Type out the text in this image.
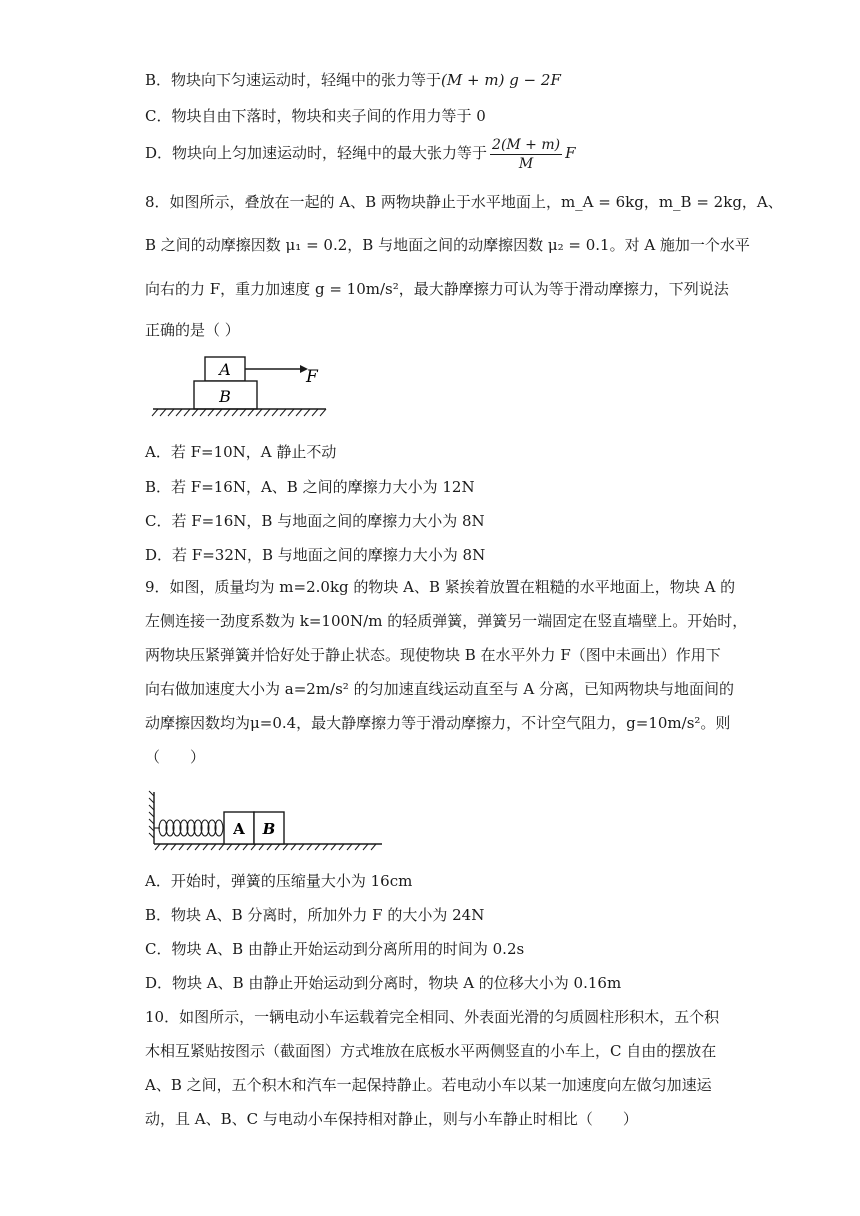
B．物块向下匀速运动时，轻绳中的张力等于(M + m) g − 2F
C．物块自由下落时，物块和夹子间的作用力等于 0
D．物块向上匀加速运动时，轻绳中的最大张力等于 $\frac{2(M + m)}{M}$ F
8．如图所示，叠放在一起的 A、B 两物块静止于水平地面上，m_A = 6kg，m_B = 2kg，A、
B 之间的动摩擦因数 μ₁ = 0.2，B 与地面之间的动摩擦因数 μ₂ = 0.1。对 A 施加一个水平
向右的力 F，重力加速度 g = 10m/s²，最大静摩擦力可认为等于滑动摩擦力，下列说法
正确的是（ ）
A
B
F
A．若 F=10N，A 静止不动
B．若 F=16N，A、B 之间的摩擦力大小为 12N
C．若 F=16N，B 与地面之间的摩擦力大小为 8N
D．若 F=32N，B 与地面之间的摩擦力大小为 8N
9．如图，质量均为 m=2.0kg 的物块 A、B 紧挨着放置在粗糙的水平地面上，物块 A 的
左侧连接一劲度系数为 k=100N/m 的轻质弹簧，弹簧另一端固定在竖直墙壁上。开始时，
两物块压紧弹簧并恰好处于静止状态。现使物块 B 在水平外力 F（图中未画出）作用下
向右做加速度大小为 a=2m/s² 的匀加速直线运动直至与 A 分离，已知两物块与地面间的
动摩擦因数均为μ=0.4，最大静摩擦力等于滑动摩擦力，不计空气阻力，g=10m/s²。则
（　　）
A B
A．开始时，弹簧的压缩量大小为 16cm
B．物块 A、B 分离时，所加外力 F 的大小为 24N
C．物块 A、B 由静止开始运动到分离所用的时间为 0.2s
D．物块 A、B 由静止开始运动到分离时，物块 A 的位移大小为 0.16m
10．如图所示，一辆电动小车运载着完全相同、外表面光滑的匀质圆柱形积木，五个积
木相互紧贴按图示（截面图）方式堆放在底板水平两侧竖直的小车上，C 自由的摆放在
A、B 之间，五个积木和汽车一起保持静止。若电动小车以某一加速度向左做匀加速运
动，且 A、B、C 与电动小车保持相对静止，则与小车静止时相比（　　）
